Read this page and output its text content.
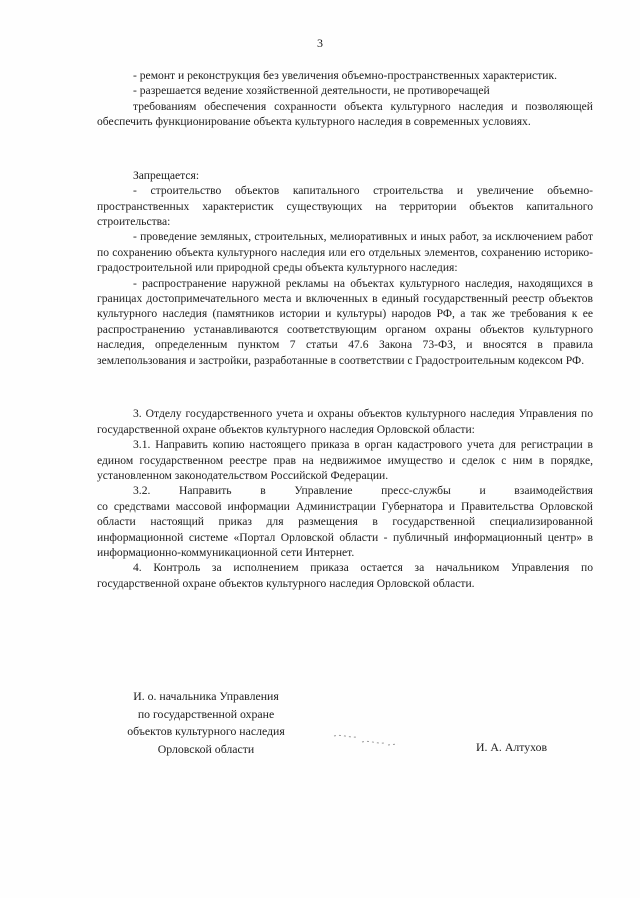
3

- ремонт и реконструкция без увеличения объемно-пространственных характеристик.

- разрешается ведение хозяйственной деятельности, не противоречащей

требованиям обеспечения сохранности объекта культурного наследия и позволяющей обеспечить функционирование объекта культурного наследия в современных условиях.

Запрещается:

- строительство объектов капитального строительства и увеличение объемно-пространственных характеристик существующих на территории объектов капитального строительства:

- проведение земляных, строительных, мелиоративных и иных работ, за исключением работ по сохранению объекта культурного наследия или его отдельных элементов, сохранению историко-градостроительной или природной среды объекта культурного наследия:

- распространение наружной рекламы на объектах культурного наследия, находящихся в границах достопримечательного места и включенных в единый государственный реестр объектов культурного наследия (памятников истории и культуры) народов РФ, а так же требования к ее распространению устанавливаются соответствующим органом охраны объектов культурного наследия, определенным пунктом 7 статьи 47.6 Закона 73-ФЗ, и вносятся в правила землепользования и застройки, разработанные в соответствии с Градостроительным кодексом РФ.

3. Отделу государственного учета и охраны объектов культурного наследия Управления по государственной охране объектов культурного наследия Орловской области:

3.1. Направить копию настоящего приказа в орган кадастрового учета для регистрации в едином государственном реестре прав на недвижимое имущество и сделок с ним в порядке, установленном законодательством Российской Федерации.

3.2. Направить в Управление пресс-службы и взаимодействия

со средствами массовой информации Администрации Губернатора и Правительства Орловской области настоящий приказ для размещения в государственной специализированной информационной системе «Портал Орловской области - публичный информационный центр» в информационно-коммуникационной сети Интернет.

4. Контроль за исполнением приказа остается за начальником Управления по государственной охране объектов культурного наследия Орловской области.

И. о. начальника Управления
по государственной охране
объектов культурного наследия
Орловской области	И. А. Алтухов
